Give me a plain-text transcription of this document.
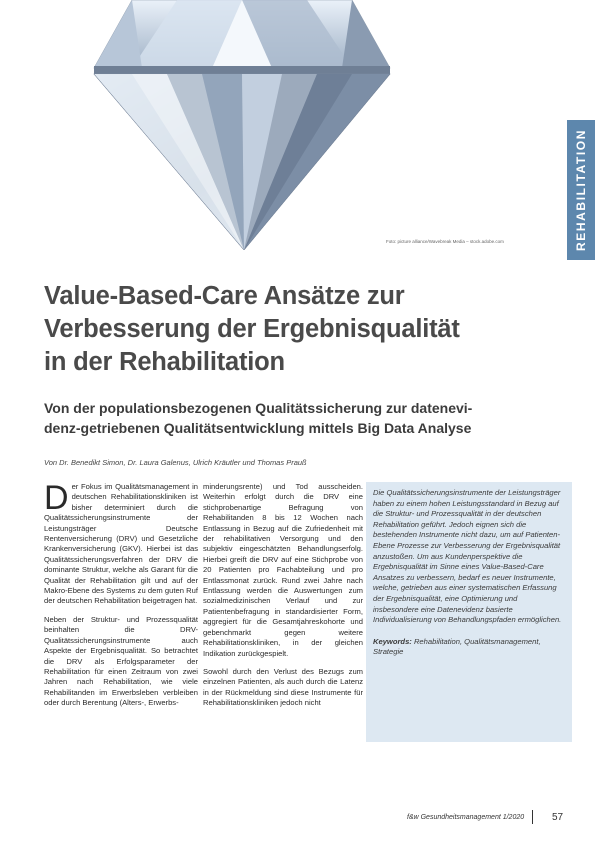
Foto: picture alliance/Wavebreak Media – stock.adobe.com	REHABILITATION
Value-Based-Care Ansätze zur
Verbesserung der Ergebnisqualität
in der Rehabilitation
Von der populationsbezogenen Qualitätssicherung zur datenevi-
denz-getriebenen Qualitätsentwicklung mittels Big Data Analyse
Von Dr. Benedikt Simon, Dr. Laura Galenus, Ulrich Kräutler und Thomas Prauß

Der Fokus im Qualitätsmanagement in deutschen Rehabilitationskliniken ist bisher determiniert durch die Qualitätssicherungsinstrumente der Leistungsträger Deutsche Rentenversicherung (DRV) und Gesetzliche Krankenversicherung (GKV). Hierbei ist das Qualitätssicherungsverfahren der DRV die dominante Struktur, welche als Garant für die Qualität der Rehabilitation gilt und auf der Makro-Ebene des Systems zu dem guten Ruf der deutschen Rehabilitation beigetragen hat.

Neben der Struktur- und Prozessqualität beinhalten die DRV-Qualitätssicherungsinstrumente auch Aspekte der Ergebnisqualität. So betrachtet die DRV als Erfolgsparameter der Rehabilitation für einen Zeitraum von zwei Jahren nach Rehabilitation, wie viele Rehabilitanden im Erwerbsleben verbleiben oder durch Berentung (Alters-, Erwerbs-

minderungsrente) und Tod ausscheiden. Weiterhin erfolgt durch die DRV eine stichprobenartige Befragung von Rehabilitanden 8 bis 12 Wochen nach Entlassung in Bezug auf die Zufriedenheit mit der rehabilitativen Versorgung und den subjektiv eingeschätzten Behandlungserfolg. Hierbei greift die DRV auf eine Stichprobe von 20 Patienten pro Fachabteilung und pro Entlassmonat zurück. Rund zwei Jahre nach Entlassung werden die Auswertungen zum sozialmedizinischen Verlauf und zur Patientenbefragung in standardisierter Form, aggregiert für die Gesamtjahreskohorte und gebenchmarkt gegen weitere Rehabilitationskliniken, in der gleichen Indikation zurückgespielt.

Sowohl durch den Verlust des Bezugs zum einzelnen Patienten, als auch durch die Latenz in der Rückmeldung sind diese Instrumente für Rehabilitationskliniken jedoch nicht

Die Qualitätssicherungsinstrumente der Leistungsträger haben zu einem hohen Leistungsstandard in Bezug auf die Struktur- und Prozessqualität in der deutschen Rehabilitation geführt. Jedoch eignen sich die bestehenden Instrumente nicht dazu, um auf Patienten-Ebene Prozesse zur Verbesserung der Ergebnisqualität anzustoßen. Um aus Kundenperspektive die Ergebnisqualität im Sinne eines Value-Based-Care Ansatzes zu verbessern, bedarf es neuer Instrumente, welche, getrieben aus einer systematischen Erfassung der Ergebnisqualität, eine Optimierung und insbesondere eine Datenevidenz basierte Individualisierung von Behandlungspfaden ermöglichen.

Keywords: Rehabilitation, Qualitätsmanagement, Strategie

f&w Gesundheitsmanagement 1/2020	57
